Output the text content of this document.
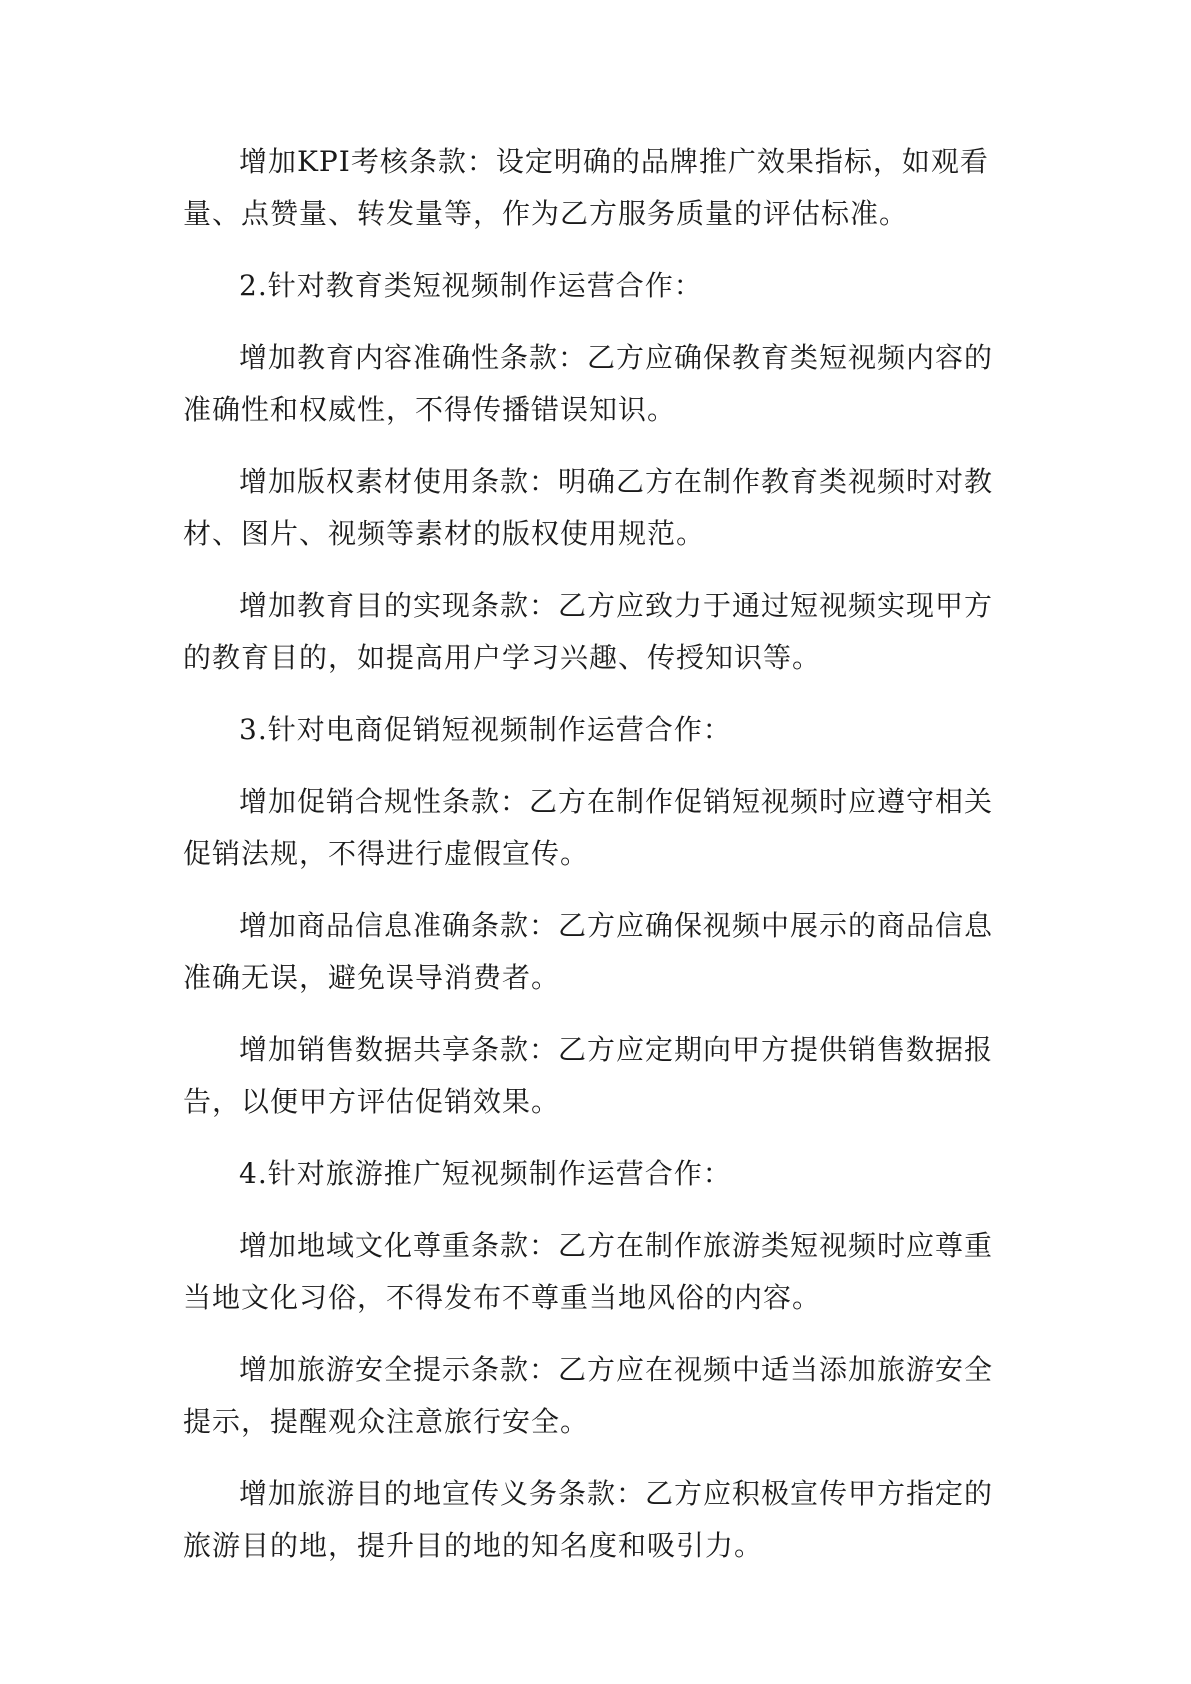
增加KPI考核条款：设定明确的品牌推广效果指标，如观看量、点赞量、转发量等，作为乙方服务质量的评估标准。

2.针对教育类短视频制作运营合作：

增加教育内容准确性条款：乙方应确保教育类短视频内容的准确性和权威性，不得传播错误知识。

增加版权素材使用条款：明确乙方在制作教育类视频时对教材、图片、视频等素材的版权使用规范。

增加教育目的实现条款：乙方应致力于通过短视频实现甲方的教育目的，如提高用户学习兴趣、传授知识等。

3.针对电商促销短视频制作运营合作：

增加促销合规性条款：乙方在制作促销短视频时应遵守相关促销法规，不得进行虚假宣传。

增加商品信息准确条款：乙方应确保视频中展示的商品信息准确无误，避免误导消费者。

增加销售数据共享条款：乙方应定期向甲方提供销售数据报告，以便甲方评估促销效果。

4.针对旅游推广短视频制作运营合作：

增加地域文化尊重条款：乙方在制作旅游类短视频时应尊重当地文化习俗，不得发布不尊重当地风俗的内容。

增加旅游安全提示条款：乙方应在视频中适当添加旅游安全提示，提醒观众注意旅行安全。

增加旅游目的地宣传义务条款：乙方应积极宣传甲方指定的旅游目的地，提升目的地的知名度和吸引力。
